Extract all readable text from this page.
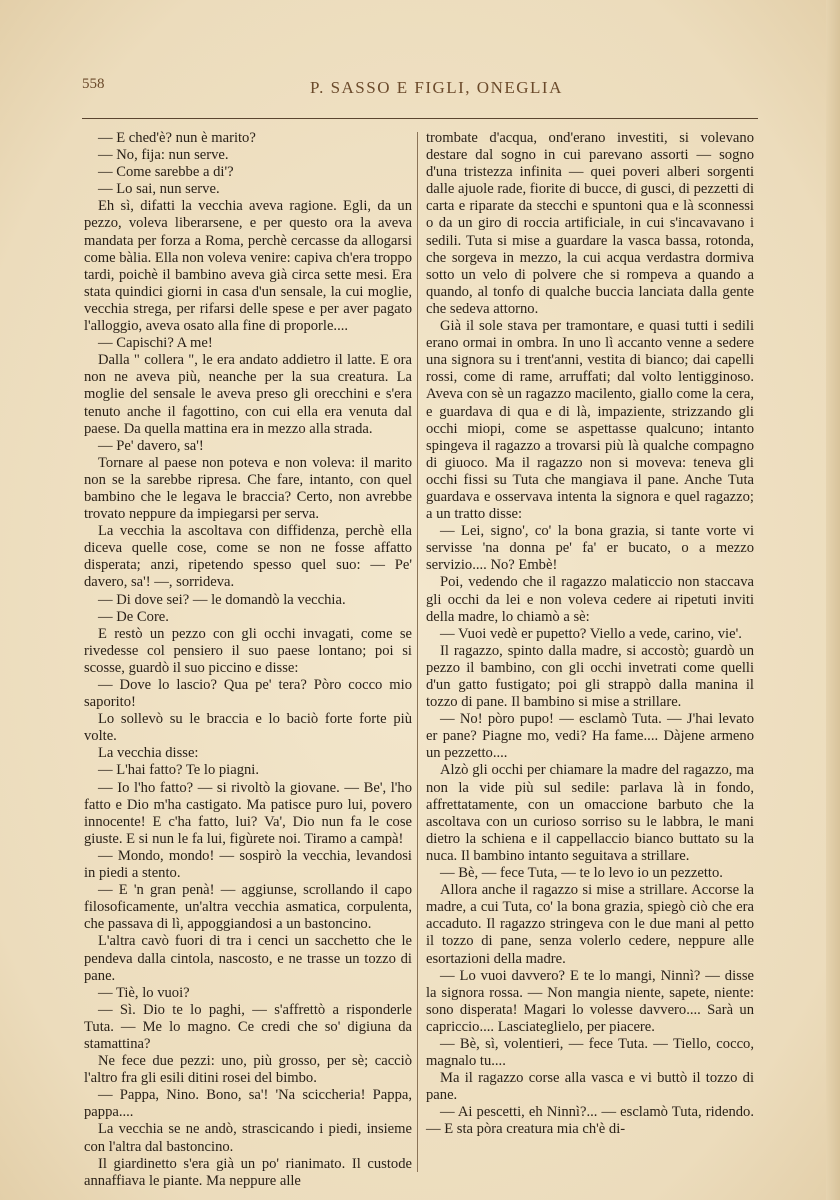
558	P. SASSO E FIGLI, ONEGLIA

— E ched'è? nun è marito?

— No, fija: nun serve.

— Come sarebbe a di'?

— Lo sai, nun serve.

Eh sì, difatti la vecchia aveva ragione. Egli, da un pezzo, voleva liberarsene, e per questo ora la aveva mandata per forza a Roma, perchè cercasse da allogarsi come bàlia. Ella non voleva venire: capiva ch'era troppo tardi, poichè il bambino aveva già circa sette mesi. Era stata quindici giorni in casa d'un sensale, la cui moglie, vecchia strega, per rifarsi delle spese e per aver pagato l'alloggio, aveva osato alla fine di proporle....

— Capischi? A me!

Dalla " collera ", le era andato addietro il latte. E ora non ne aveva più, neanche per la sua creatura. La moglie del sensale le aveva preso gli orecchini e s'era tenuto anche il fagottino, con cui ella era venuta dal paese. Da quella mattina era in mezzo alla strada.

— Pe' davero, sa'!

Tornare al paese non poteva e non voleva: il marito non se la sarebbe ripresa. Che fare, intanto, con quel bambino che le legava le braccia? Certo, non avrebbe trovato neppure da impiegarsi per serva.

La vecchia la ascoltava con diffidenza, perchè ella diceva quelle cose, come se non ne fosse affatto disperata; anzi, ripetendo spesso quel suo: — Pe' davero, sa'! —, sorrideva.

— Di dove sei? — le domandò la vecchia.

— De Core.

E restò un pezzo con gli occhi invagati, come se rivedesse col pensiero il suo paese lontano; poi si scosse, guardò il suo piccino e disse:

— Dove lo lascio? Qua pe' tera? Pòro cocco mio saporito!

Lo sollevò su le braccia e lo baciò forte forte più volte.

La vecchia disse:

— L'hai fatto? Te lo piagni.

— Io l'ho fatto? — si rivoltò la giovane. — Be', l'ho fatto e Dio m'ha castigato. Ma patisce puro lui, povero innocente! E c'ha fatto, lui? Va', Dio nun fa le cose giuste. E si nun le fa lui, figùrete noi. Tiramo a campà!

— Mondo, mondo! — sospirò la vecchia, levandosi in piedi a stento.

— E 'n gran penà! — aggiunse, scrollando il capo filosoficamente, un'altra vecchia asmatica, corpulenta, che passava di lì, appoggiandosi a un bastoncino.

L'altra cavò fuori di tra i cenci un sacchetto che le pendeva dalla cintola, nascosto, e ne trasse un tozzo di pane.

— Tiè, lo vuoi?

— Sì. Dio te lo paghi, — s'affrettò a risponderle Tuta. — Me lo magno. Ce credi che so' digiuna da stamattina?

Ne fece due pezzi: uno, più grosso, per sè; cacciò l'altro fra gli esili ditini rosei del bimbo.

— Pappa, Nino. Bono, sa'! 'Na sciccheria! Pappa, pappa....

La vecchia se ne andò, strascicando i piedi, insieme con l'altra dal bastoncino.

Il giardinetto s'era già un po' rianimato. Il custode annaffiava le piante. Ma neppure alle

trombate d'acqua, ond'erano investiti, si volevano destare dal sogno in cui parevano assorti — sogno d'una tristezza infinita — quei poveri alberi sorgenti dalle ajuole rade, fiorite di bucce, di gusci, di pezzetti di carta e riparate da stecchi e spuntoni qua e là sconnessi o da un giro di roccia artificiale, in cui s'incavavano i sedili. Tuta si mise a guardare la vasca bassa, rotonda, che sorgeva in mezzo, la cui acqua verdastra dormiva sotto un velo di polvere che si rompeva a quando a quando, al tonfo di qualche buccia lanciata dalla gente che sedeva attorno.

Già il sole stava per tramontare, e quasi tutti i sedili erano ormai in ombra. In uno lì accanto venne a sedere una signora su i trent'anni, vestita di bianco; dai capelli rossi, come di rame, arruffati; dal volto lentigginoso. Aveva con sè un ragazzo macilento, giallo come la cera, e guardava di qua e di là, impaziente, strizzando gli occhi miopi, come se aspettasse qualcuno; intanto spingeva il ragazzo a trovarsi più là qualche compagno di giuoco. Ma il ragazzo non si moveva: teneva gli occhi fissi su Tuta che mangiava il pane. Anche Tuta guardava e osservava intenta la signora e quel ragazzo; a un tratto disse:

— Lei, signo', co' la bona grazia, si tante vorte vi servisse 'na donna pe' fa' er bucato, o a mezzo servizio.... No? Embè!

Poi, vedendo che il ragazzo malaticcio non staccava gli occhi da lei e non voleva cedere ai ripetuti inviti della madre, lo chiamò a sè:

— Vuoi vedè er pupetto? Viello a vede, carino, vie'.

Il ragazzo, spinto dalla madre, si accostò; guardò un pezzo il bambino, con gli occhi invetrati come quelli d'un gatto fustigato; poi gli strappò dalla manina il tozzo di pane. Il bambino si mise a strillare.

— No! pòro pupo! — esclamò Tuta. — J'hai levato er pane? Piagne mo, vedi? Ha fame.... Dàjene armeno un pezzetto....

Alzò gli occhi per chiamare la madre del ragazzo, ma non la vide più sul sedile: parlava là in fondo, affrettatamente, con un omaccione barbuto che la ascoltava con un curioso sorriso su le labbra, le mani dietro la schiena e il cappellaccio bianco buttato su la nuca. Il bambino intanto seguitava a strillare.

— Bè, — fece Tuta, — te lo levo io un pezzetto.

Allora anche il ragazzo si mise a strillare. Accorse la madre, a cui Tuta, co' la bona grazia, spiegò ciò che era accaduto. Il ragazzo stringeva con le due mani al petto il tozzo di pane, senza volerlo cedere, neppure alle esortazioni della madre.

— Lo vuoi davvero? E te lo mangi, Ninnì? — disse la signora rossa. — Non mangia niente, sapete, niente: sono disperata! Magari lo volesse davvero.... Sarà un capriccio.... Lasciateglielo, per piacere.

— Bè, sì, volentieri, — fece Tuta. — Tiello, cocco, magnalo tu....

Ma il ragazzo corse alla vasca e vi buttò il tozzo di pane.

— Ai pescetti, eh Ninnì?... — esclamò Tuta, ridendo. — E sta pòra creatura mia ch'è di-
